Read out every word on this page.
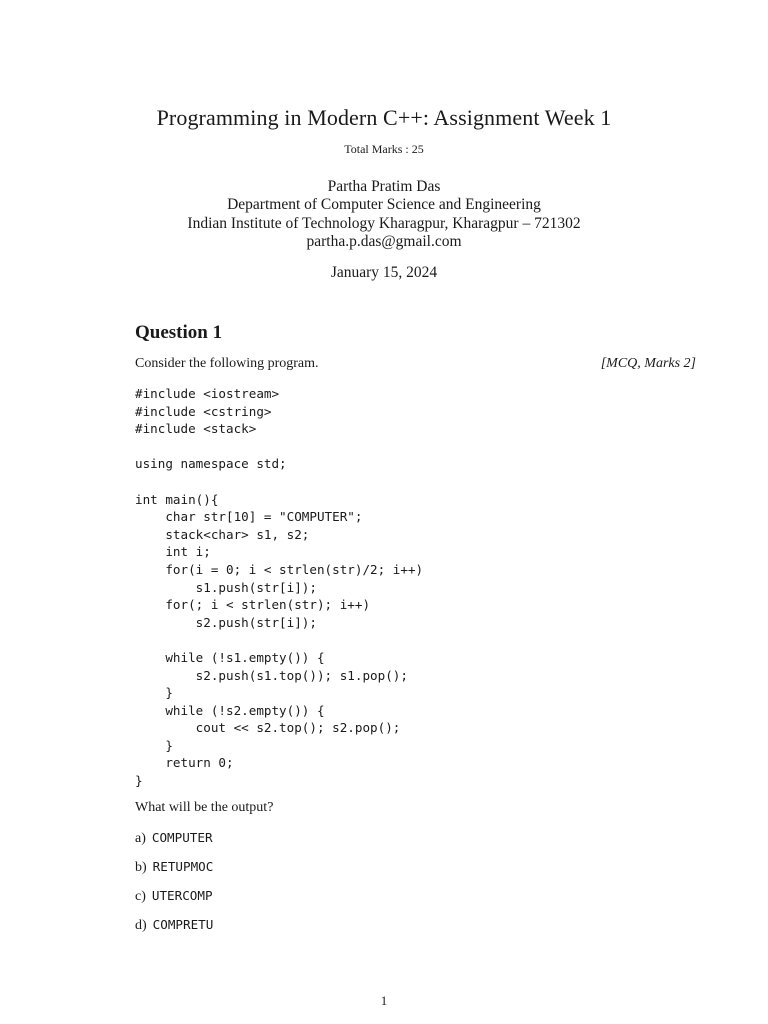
Programming in Modern C++: Assignment Week 1
Total Marks : 25
Partha Pratim Das
Department of Computer Science and Engineering
Indian Institute of Technology Kharagpur, Kharagpur – 721302
partha.p.das@gmail.com
January 15, 2024
Question 1
Consider the following program.	[MCQ, Marks 2]
#include <iostream>
#include <cstring>
#include <stack>
using namespace std;
int main(){
char str[10] = "COMPUTER";
stack<char> s1, s2;
int i;
for(i = 0; i < strlen(str)/2; i++)
s1.push(str[i]);
for(; i < strlen(str); i++)
s2.push(str[i]);
while (!s1.empty()) {
s2.push(s1.top()); s1.pop();
}
while (!s2.empty()) {
cout << s2.top(); s2.pop();
}
return 0;
}
What will be the output?
a) COMPUTER
b) RETUPMOC
c) UTERCOMP
d) COMPRETU
1
